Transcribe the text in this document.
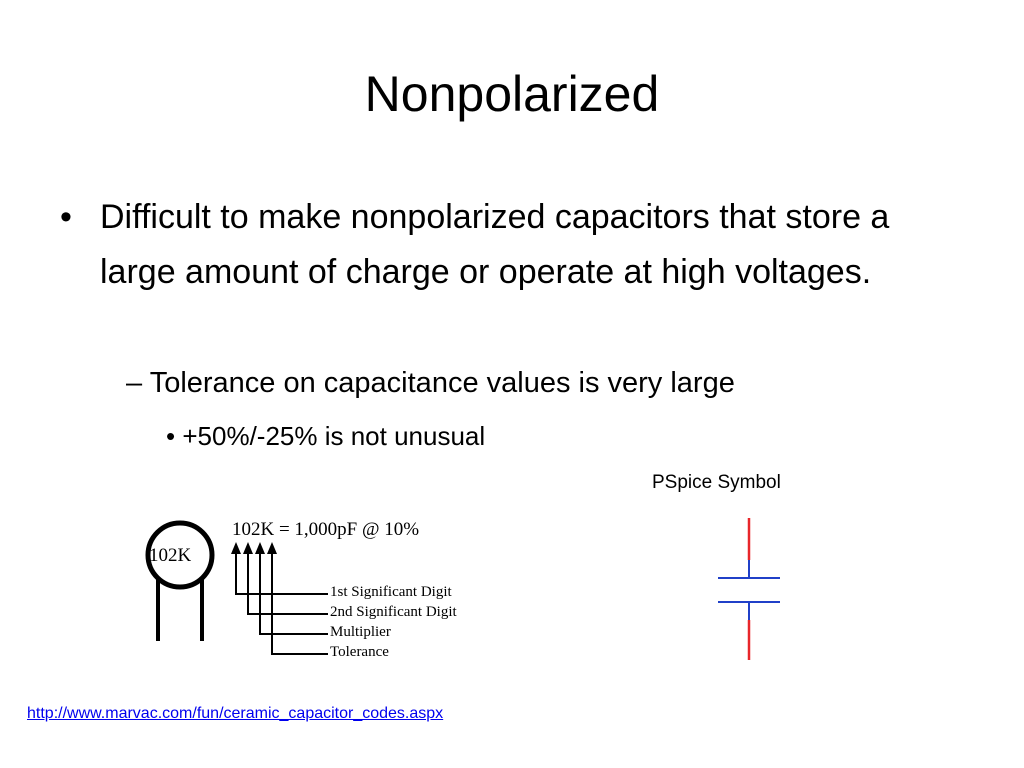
Nonpolarized
• Difficult to make nonpolarized capacitors that store a large amount of charge or operate at high voltages.
– Tolerance on capacitance values is very large
• +50%/-25% is not unusual
PSpice Symbol
102K
102K = 1,000pF @ 10%
1st Significant Digit
2nd Significant Digit
Multiplier
Tolerance
http://www.marvac.com/fun/ceramic_capacitor_codes.aspx
